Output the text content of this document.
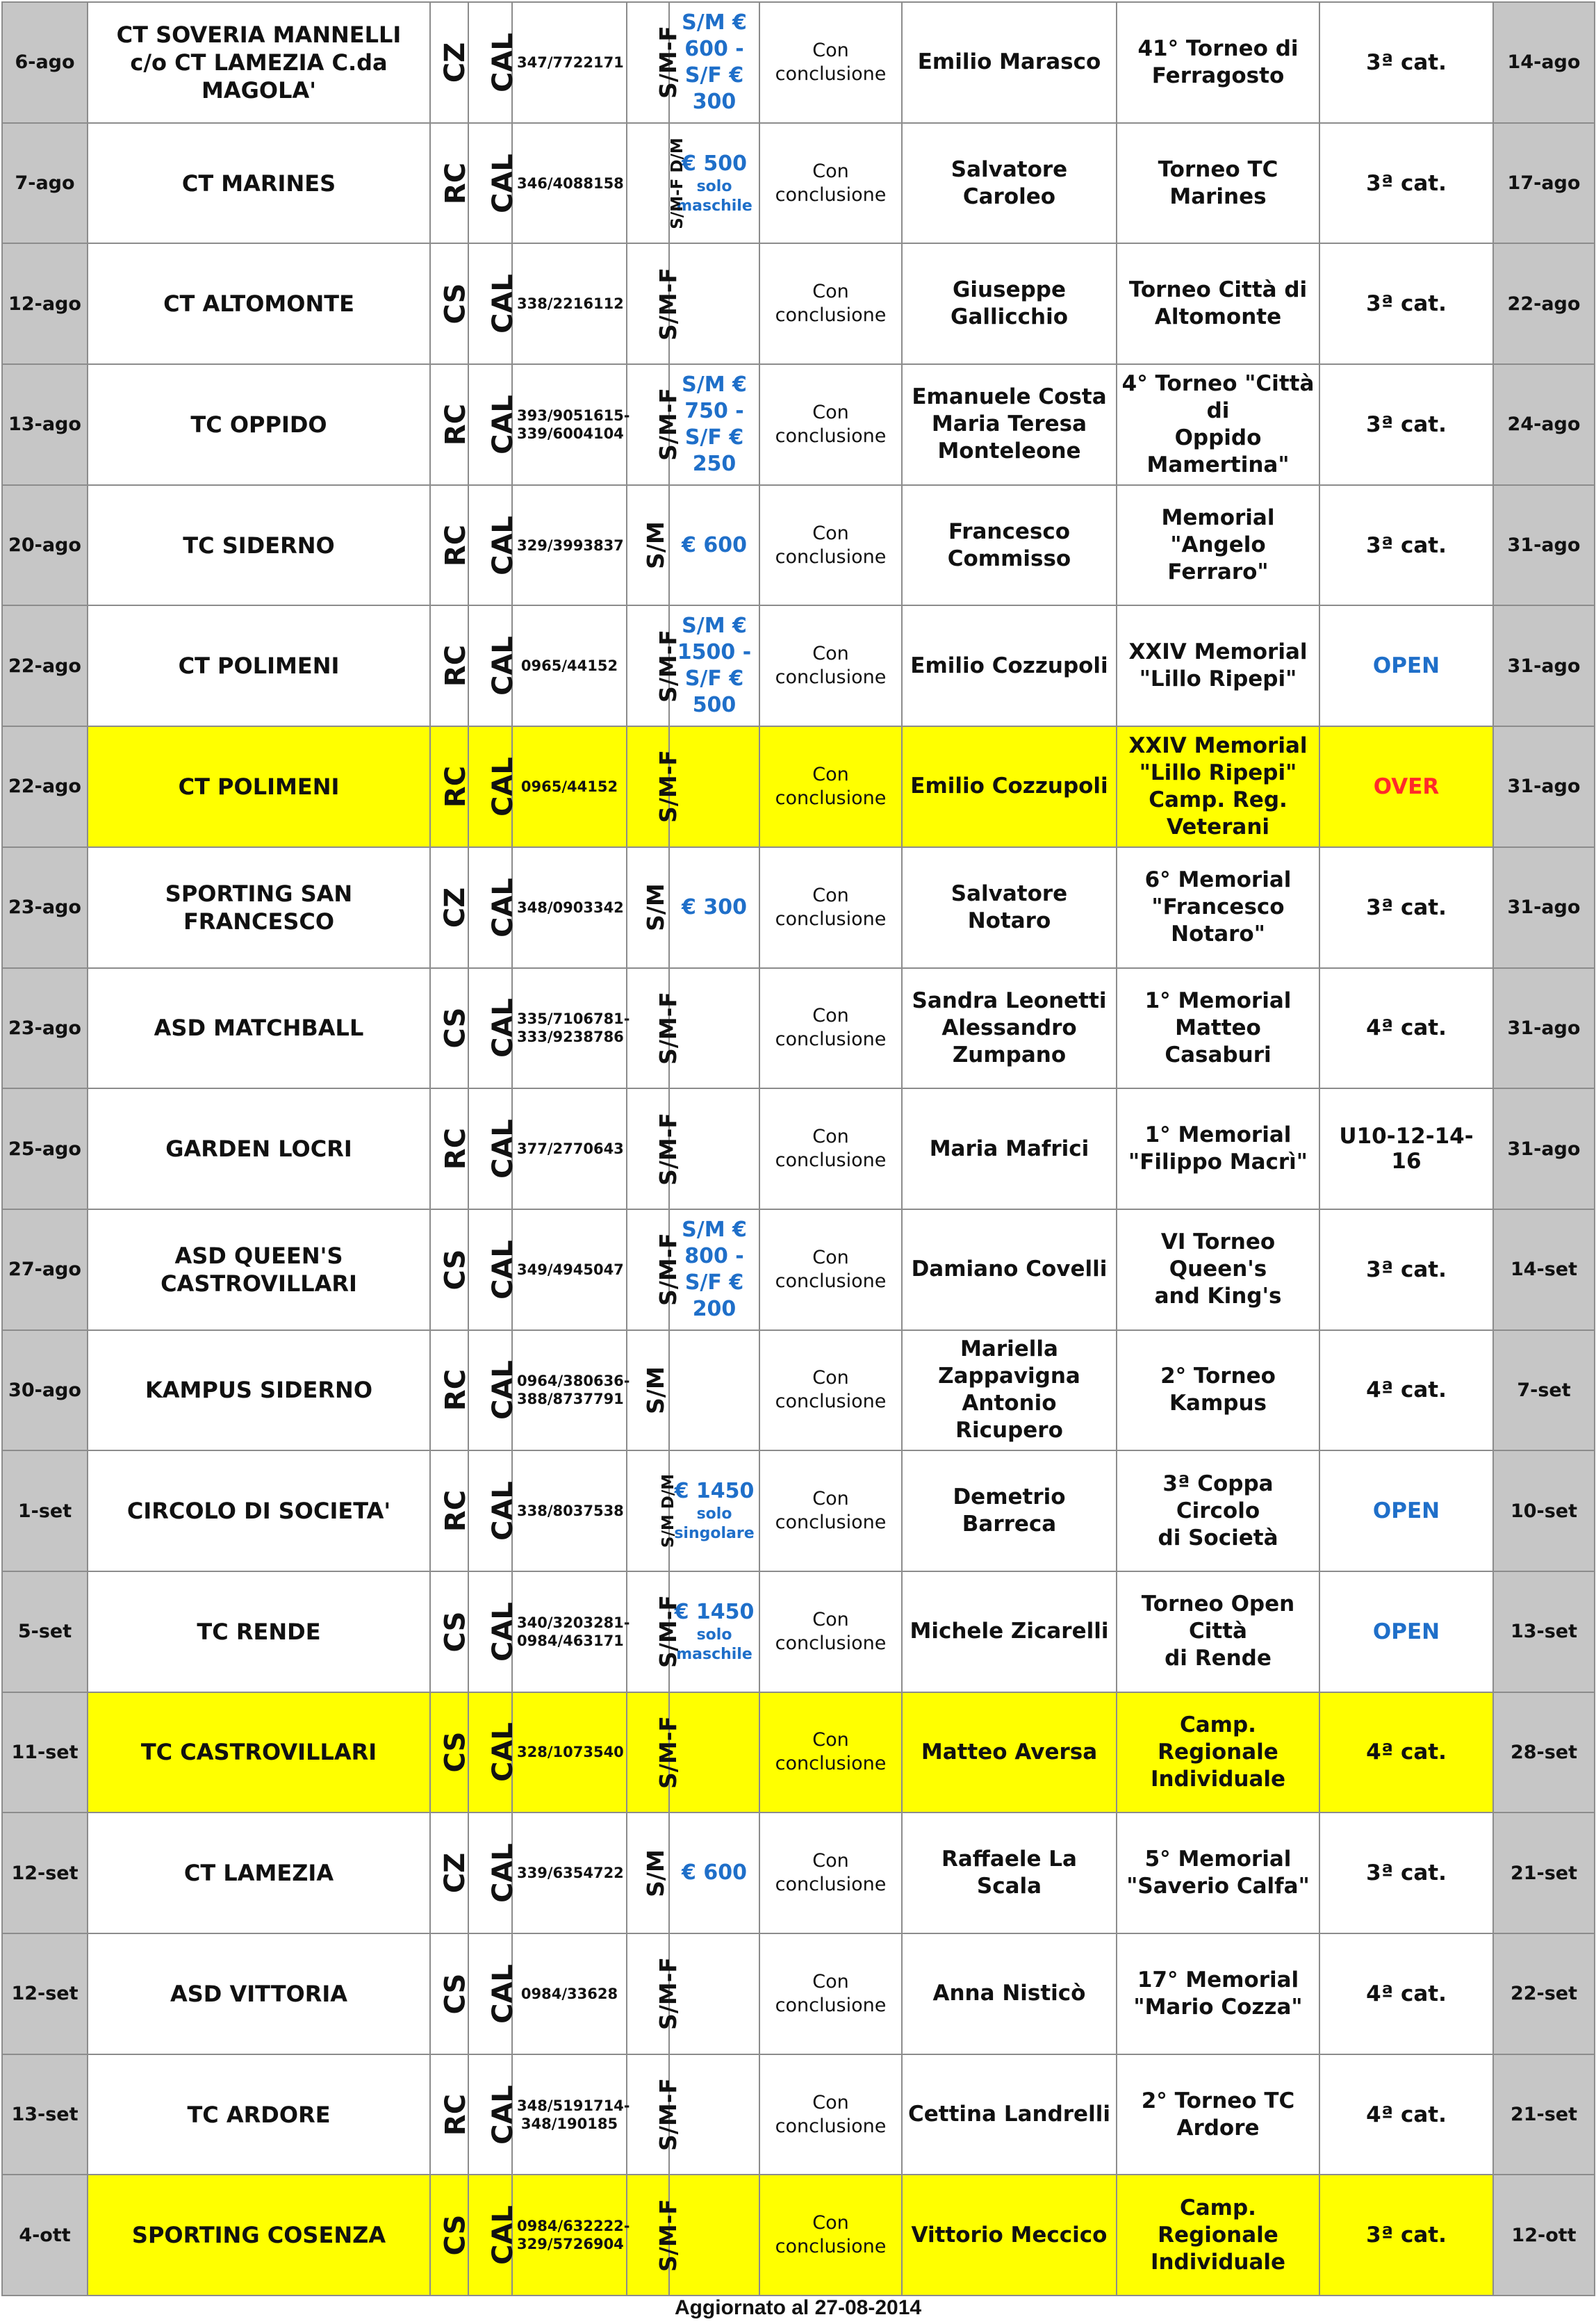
6-ago	CT SOVERIA MANNELLI
c/o CT LAMEZIA C.da MAGOLA'	CZ	CAL	347/7722171	S/M-F	S/M €
600 -
S/F €
300	Con
conclusione	Emilio Marasco	41° Torneo di
Ferragosto	3ª cat.	14-ago
7-ago	CT MARINES	RC	CAL	346/4088158	S/M-F D/M	€ 500
solo
maschile	Con
conclusione	Salvatore Caroleo	Torneo TC Marines	3ª cat.	17-ago
12-ago	CT ALTOMONTE	CS	CAL	338/2216112	S/M-F		Con
conclusione	Giuseppe
Gallicchio	Torneo Città di
Altomonte	3ª cat.	22-ago
13-ago	TC OPPIDO	RC	CAL	393/9051615-
339/6004104	S/M-F	S/M €
750 -
S/F €
250	Con
conclusione	Emanuele Costa
Maria Teresa
Monteleone	4° Torneo "Città di
Oppido
Mamertina"	3ª cat.	24-ago
20-ago	TC SIDERNO	RC	CAL	329/3993837	S/M	€ 600	Con
conclusione	Francesco
Commisso	Memorial "Angelo
Ferraro"	3ª cat.	31-ago
22-ago	CT POLIMENI	RC	CAL	0965/44152	S/M-F	S/M €
1500 -
S/F €
500	Con
conclusione	Emilio Cozzupoli	XXIV Memorial
"Lillo Ripepi"	OPEN	31-ago
22-ago	CT POLIMENI	RC	CAL	0965/44152	S/M-F		Con
conclusione	Emilio Cozzupoli	XXIV Memorial
"Lillo Ripepi"
Camp. Reg.
Veterani	OVER	31-ago
23-ago	SPORTING SAN FRANCESCO	CZ	CAL	348/0903342	S/M	€ 300	Con
conclusione	Salvatore Notaro	6° Memorial
"Francesco
Notaro"	3ª cat.	31-ago
23-ago	ASD MATCHBALL	CS	CAL	335/7106781-
333/9238786	S/M-F		Con
conclusione	Sandra Leonetti
Alessandro
Zumpano	1° Memorial
Matteo Casaburi	4ª cat.	31-ago
25-ago	GARDEN LOCRI	RC	CAL	377/2770643	S/M-F		Con
conclusione	Maria Mafrici	1° Memorial
"Filippo Macrì"	U10-12-14-16	31-ago
27-ago	ASD QUEEN'S CASTROVILLARI	CS	CAL	349/4945047	S/M-F	S/M €
800 -
S/F €
200	Con
conclusione	Damiano Covelli	VI Torneo Queen's
and King's	3ª cat.	14-set
30-ago	KAMPUS SIDERNO	RC	CAL	0964/380636-
388/8737791	S/M		Con
conclusione	Mariella
Zappavigna
Antonio Ricupero	2° Torneo Kampus	4ª cat.	7-set
1-set	CIRCOLO DI SOCIETA'	RC	CAL	338/8037538	S/M D/M	€ 1450
solo
singolare	Con
conclusione	Demetrio Barreca	3ª Coppa Circolo
di Società	OPEN	10-set
5-set	TC RENDE	CS	CAL	340/3203281-
0984/463171	S/M-F	€ 1450
solo
maschile	Con
conclusione	Michele Zicarelli	Torneo Open Città
di Rende	OPEN	13-set
11-set	TC CASTROVILLARI	CS	CAL	328/1073540	S/M-F		Con
conclusione	Matteo Aversa	Camp. Regionale
Individuale	4ª cat.	28-set
12-set	CT LAMEZIA	CZ	CAL	339/6354722	S/M	€ 600	Con
conclusione	Raffaele La Scala	5° Memorial
"Saverio Calfa"	3ª cat.	21-set
12-set	ASD VITTORIA	CS	CAL	0984/33628	S/M-F		Con
conclusione	Anna Nisticò	17° Memorial
"Mario Cozza"	4ª cat.	22-set
13-set	TC ARDORE	RC	CAL	348/5191714-
348/190185	S/M-F		Con
conclusione	Cettina Landrelli	2° Torneo TC
Ardore	4ª cat.	21-set
4-ott	SPORTING COSENZA	CS	CAL	0984/632222-
329/5726904	S/M-F		Con
conclusione	Vittorio Meccico	Camp. Regionale
Individuale	3ª cat.	12-ott
Aggiornato al 27-08-2014
